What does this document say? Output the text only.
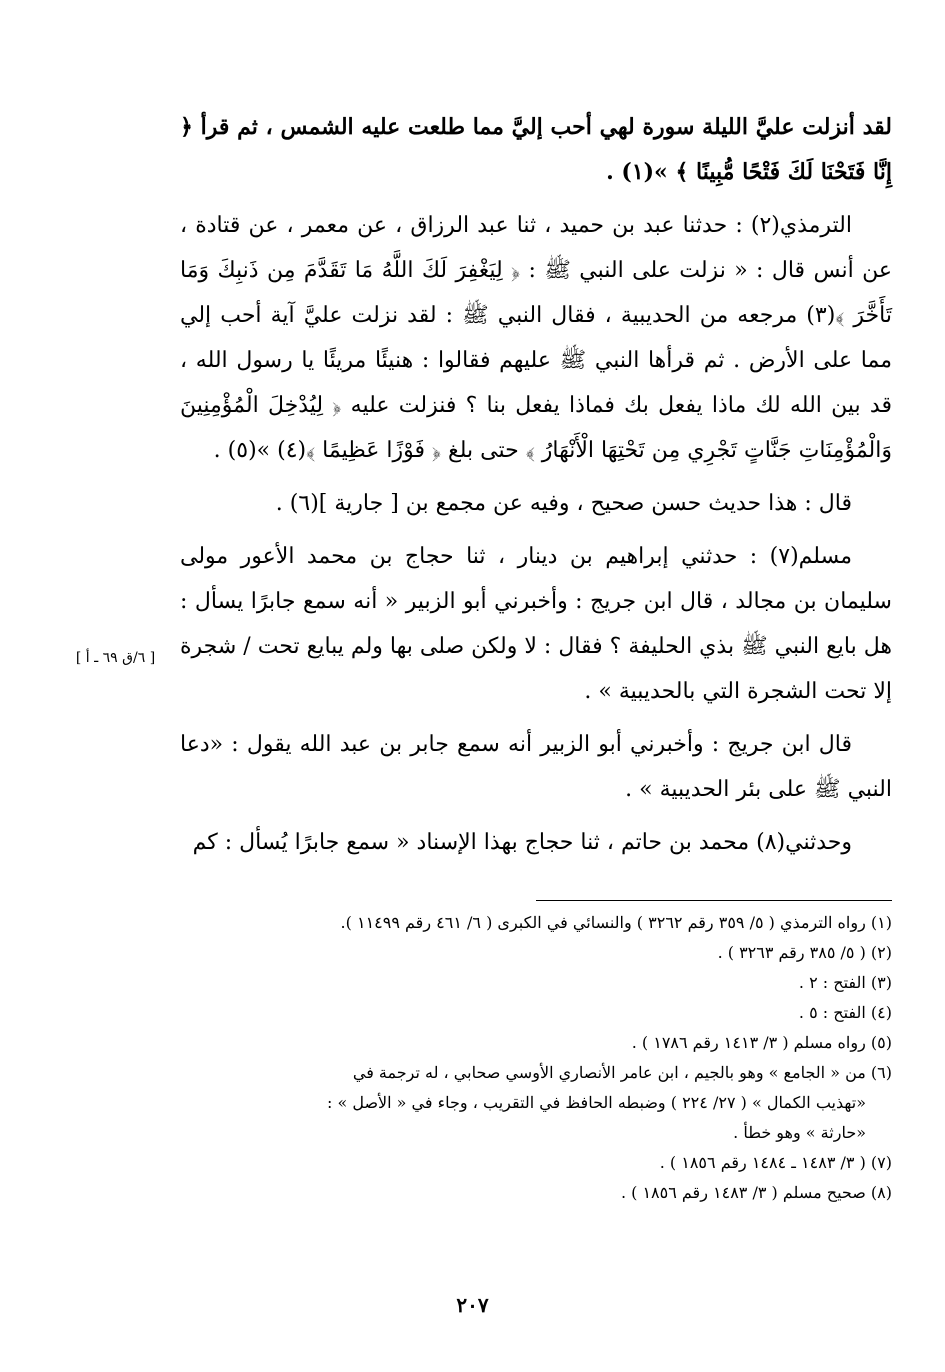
لقد أنزلت عليَّ الليلة سورة لهي أحب إليَّ مما طلعت عليه الشمس ، ثم قرأ ﴿ إِنَّا فَتَحْنَا لَكَ فَتْحًا مُّبِينًا ﴾ »(١) .

الترمذي(٢) : حدثنا عبد بن حميد ، ثنا عبد الرزاق ، عن معمر ، عن قتادة ، عن أنس قال : « نزلت على النبي ﷺ : ﴿ لِيَغْفِرَ لَكَ اللَّهُ مَا تَقَدَّمَ مِن ذَنبِكَ وَمَا تَأَخَّرَ ﴾(٣) مرجعه من الحديبية ، فقال النبي ﷺ : لقد نزلت عليَّ آية أحب إلي مما على الأرض . ثم قرأها النبي ﷺ عليهم فقالوا : هنيئًا مريئًا يا رسول الله ، قد بين الله لك ماذا يفعل بك فماذا يفعل بنا ؟ فنزلت عليه ﴿ لِيُدْخِلَ الْمُؤْمِنِينَ وَالْمُؤْمِنَاتِ جَنَّاتٍ تَجْرِي مِن تَحْتِهَا الْأَنْهَارُ ﴾ حتى بلغ ﴿ فَوْزًا عَظِيمًا ﴾(٤) »(٥) .

قال : هذا حديث حسن صحيح ، وفيه عن مجمع بن [ جارية ](٦) .

مسلم(٧) : حدثني إبراهيم بن دينار ، ثنا حجاج بن محمد الأعور مولى سليمان بن مجالد ، قال ابن جريج : وأخبرني أبو الزبير « أنه سمع جابرًا يسأل : هل بايع النبي ﷺ بذي الحليفة ؟ فقال : لا ولكن صلى بها ولم يبايع تحت / شجرة إلا تحت الشجرة التي بالحديبية » .

قال ابن جريج : وأخبرني أبو الزبير أنه سمع جابر بن عبد الله يقول : «دعا النبي ﷺ على بئر الحديبية » .

وحدثني(٨) محمد بن حاتم ، ثنا حجاج بهذا الإسناد « سمع جابرًا يُسأل : كم

[ ٦/ق ٦٩ ـ أ ]

(١) رواه الترمذي ( ٥/ ٣٥٩ رقم ٣٢٦٢ ) والنسائي في الكبرى ( ٦/ ٤٦١ رقم ١١٤٩٩ ).

(٢) ( ٥/ ٣٨٥ رقم ٣٢٦٣ ) .

(٣) الفتح : ٢ .

(٤) الفتح : ٥ .

(٥) رواه مسلم ( ٣/ ١٤١٣ رقم ١٧٨٦ ) .

(٦) من « الجامع » وهو بالجيم ، ابن عامر الأنصاري الأوسي صحابي ، له ترجمة في

«تهذيب الكمال » ( ٢٧/ ٢٢٤ ) وضبطه الحافظ في التقريب ، وجاء في « الأصل » :

«حارثة » وهو خطأ .

(٧) ( ٣/ ١٤٨٣ ـ ١٤٨٤ رقم ١٨٥٦ ) .

(٨) صحيح مسلم ( ٣/ ١٤٨٣ رقم ١٨٥٦ ) .

٢٠٧
